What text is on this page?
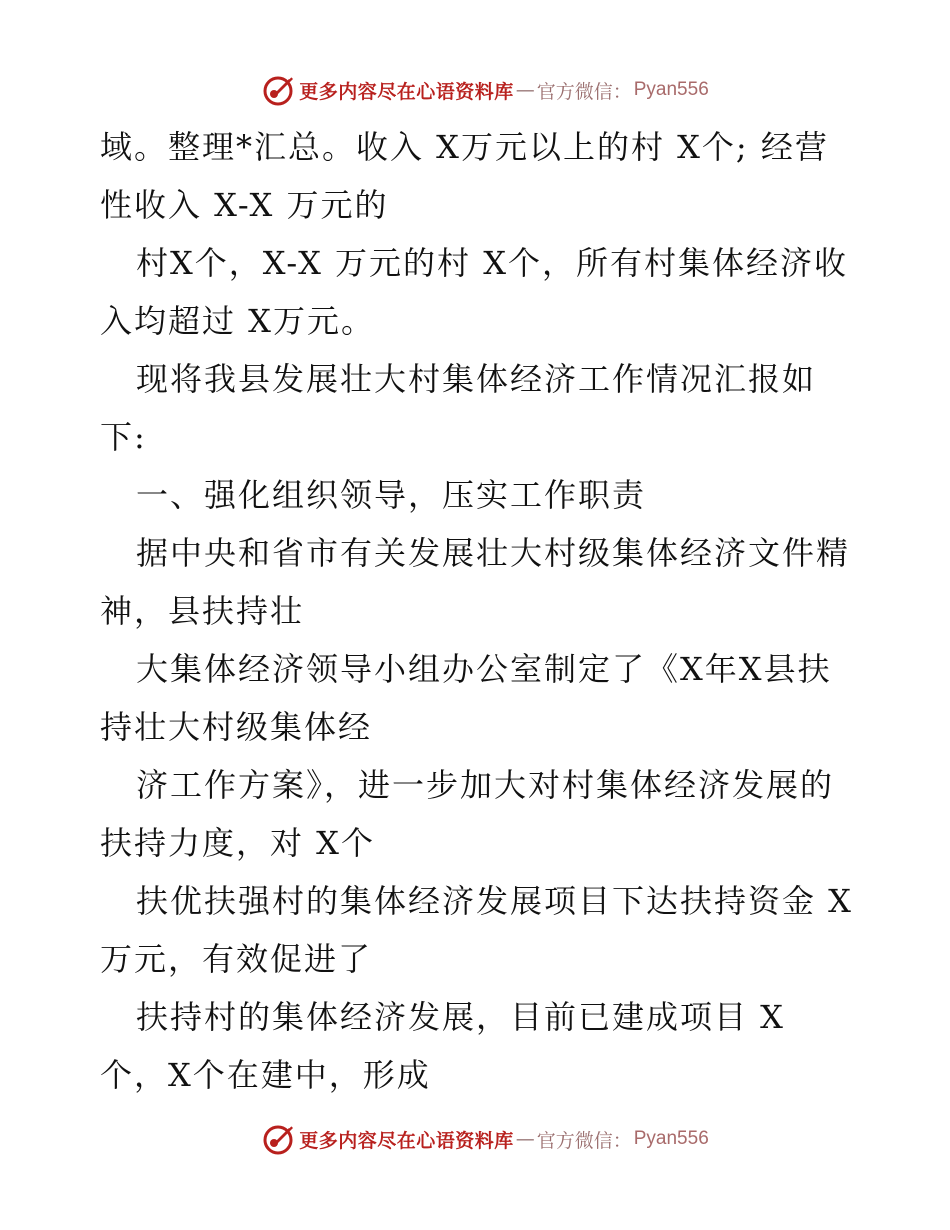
更多内容尽在心语资料库 — 官方微信： Pyan556
域。整理*汇总。收入 X万元以上的村 X个; 经营
性收入 X-X 万元的
村X个，X-X 万元的村 X个，所有村集体经济收
入均超过 X万元。
现将我县发展壮大村集体经济工作情况汇报如
下:
一、强化组织领导，压实工作职责
据中央和省市有关发展壮大村级集体经济文件精
神，县扶持壮
大集体经济领导小组办公室制定了《X年X县扶
持壮大村级集体经
济工作方案》，进一步加大对村集体经济发展的
扶持力度，对 X个
扶优扶强村的集体经济发展项目下达扶持资金 X
万元，有效促进了
扶持村的集体经济发展，目前已建成项目 X
个，X个在建中，形成
更多内容尽在心语资料库 — 官方微信： Pyan556
